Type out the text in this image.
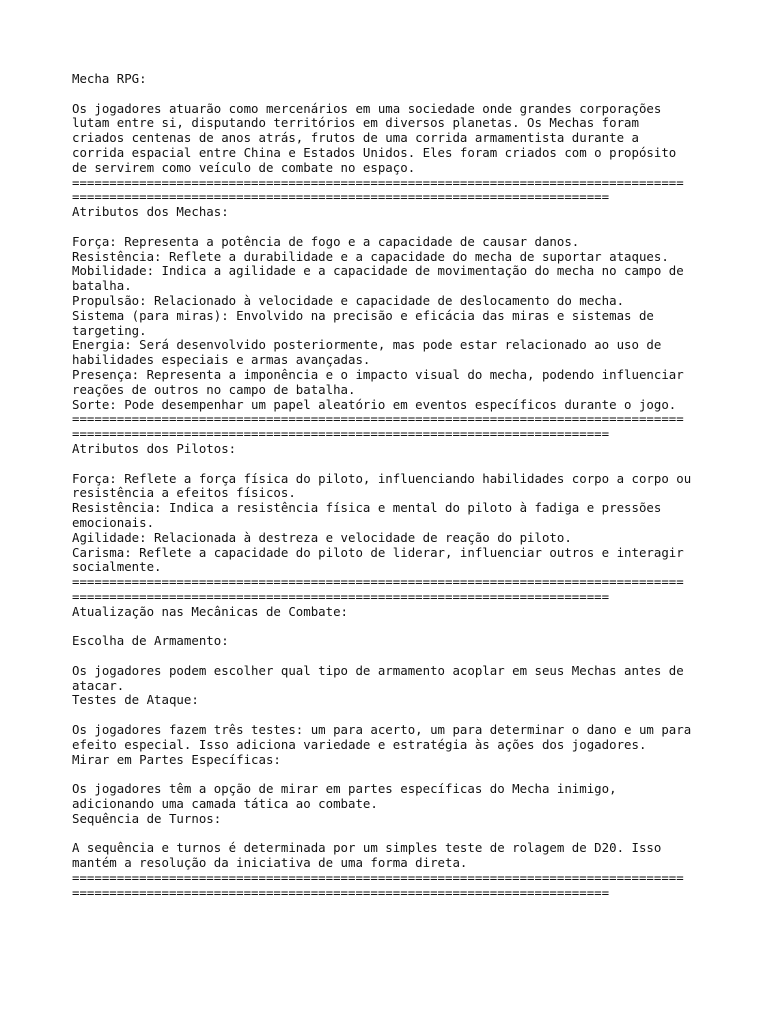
Mecha RPG:
Os jogadores atuarão como mercenários em uma sociedade onde grandes corporações
lutam entre si, disputando territórios em diversos planetas. Os Mechas foram
criados centenas de anos atrás, frutos de uma corrida armamentista durante a
corrida espacial entre China e Estados Unidos. Eles foram criados com o propósito
de servirem como veículo de combate no espaço.
==================================================================================
========================================================================
Atributos dos Mechas:
Força: Representa a potência de fogo e a capacidade de causar danos.
Resistência: Reflete a durabilidade e a capacidade do mecha de suportar ataques.
Mobilidade: Indica a agilidade e a capacidade de movimentação do mecha no campo de
batalha.
Propulsão: Relacionado à velocidade e capacidade de deslocamento do mecha.
Sistema (para miras): Envolvido na precisão e eficácia das miras e sistemas de
targeting.
Energia: Será desenvolvido posteriormente, mas pode estar relacionado ao uso de
habilidades especiais e armas avançadas.
Presença: Representa a imponência e o impacto visual do mecha, podendo influenciar
reações de outros no campo de batalha.
Sorte: Pode desempenhar um papel aleatório em eventos específicos durante o jogo.
==================================================================================
========================================================================
Atributos dos Pilotos:
Força: Reflete a força física do piloto, influenciando habilidades corpo a corpo ou
resistência a efeitos físicos.
Resistência: Indica a resistência física e mental do piloto à fadiga e pressões
emocionais.
Agilidade: Relacionada à destreza e velocidade de reação do piloto.
Carisma: Reflete a capacidade do piloto de liderar, influenciar outros e interagir
socialmente.
==================================================================================
========================================================================
Atualização nas Mecânicas de Combate:
Escolha de Armamento:
Os jogadores podem escolher qual tipo de armamento acoplar em seus Mechas antes de
atacar.
Testes de Ataque:
Os jogadores fazem três testes: um para acerto, um para determinar o dano e um para
efeito especial. Isso adiciona variedade e estratégia às ações dos jogadores.
Mirar em Partes Específicas:
Os jogadores têm a opção de mirar em partes específicas do Mecha inimigo,
adicionando uma camada tática ao combate.
Sequência de Turnos:
A sequência e turnos é determinada por um simples teste de rolagem de D20. Isso
mantém a resolução da iniciativa de uma forma direta.
==================================================================================
========================================================================
